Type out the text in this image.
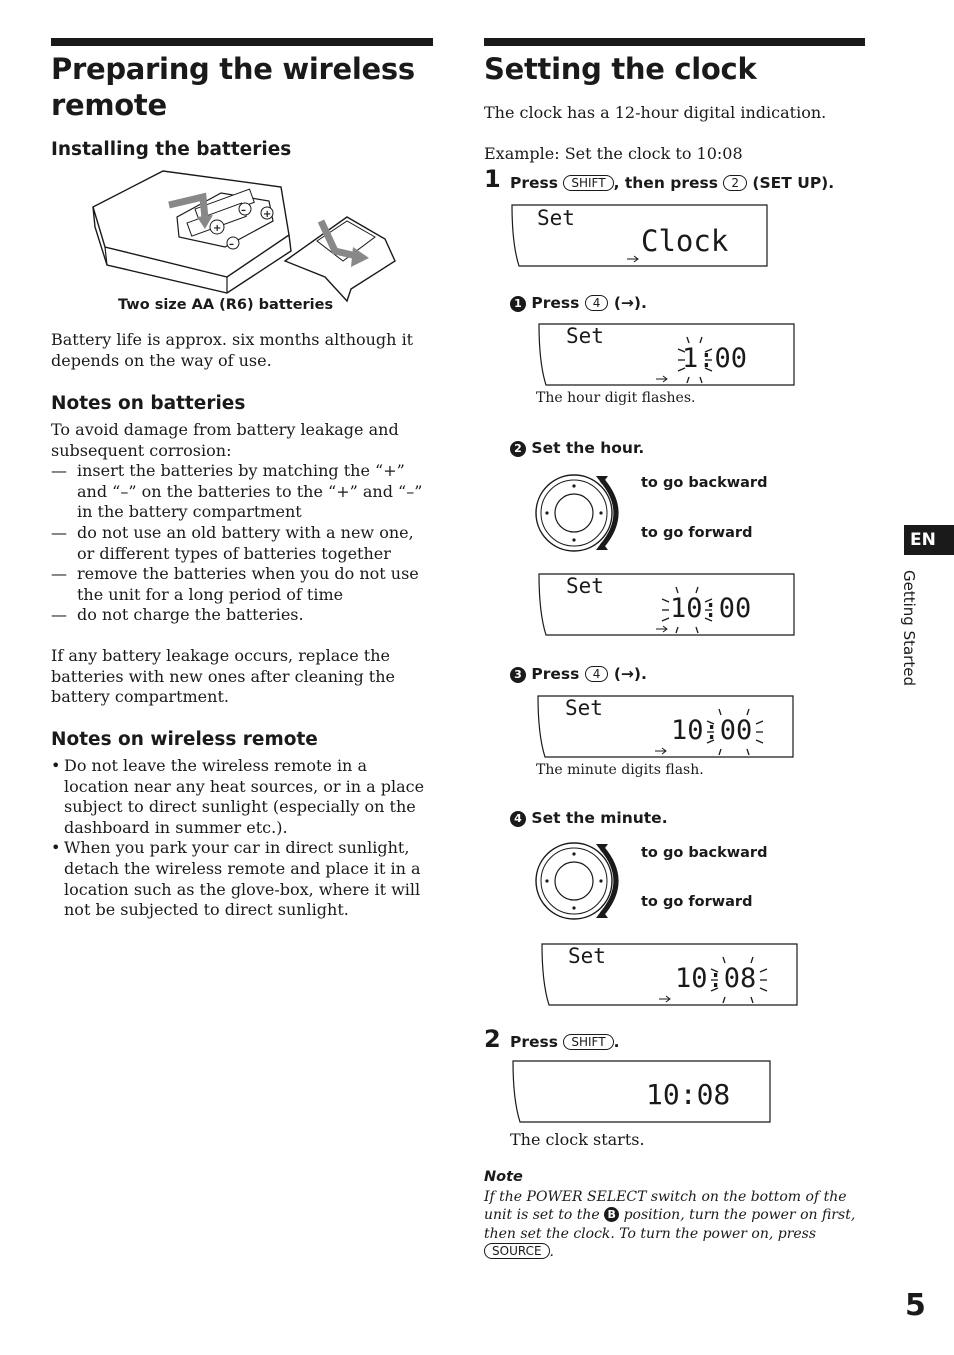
Preparing the wireless remote
Installing the batteries
+
– +
–
Two size AA (R6) batteries
Battery life is approx. six months although it depends on the way of use.
Notes on batteries
To avoid damage from battery leakage and subsequent corrosion:
— insert the batteries by matching the “+” and “–” on the batteries to the “+” and “–” in the battery compartment
— do not use an old battery with a new one, or different types of batteries together
— remove the batteries when you do not use the unit for a long period of time
— do not charge the batteries.
If any battery leakage occurs, replace the batteries with new ones after cleaning the battery compartment.
Notes on wireless remote
• Do not leave the wireless remote in a location near any heat sources, or in a place subject to direct sunlight (especially on the dashboard in summer etc.).
• When you park your car in direct sunlight, detach the wireless remote and place it in a location such as the glove-box, where it will not be subjected to direct sunlight.
Setting the clock
The clock has a 12-hour digital indication.
Example: Set the clock to 10:08
1 Press SHIFT , then press 2 (SET UP).
Set
Clock
1 Press 4 (→).
Set
1:00
The hour digit flashes.
2 Set the hour.
to go backward
to go forward
Set
10:00
3 Press 4 (→).
Set
10:00
The minute digits flash.
4 Set the minute.
to go backward
to go forward
Set
10:08
2 Press SHIFT .
10:08
The clock starts.
Note
If the POWER SELECT switch on the bottom of the unit is set to the B position, turn the power on first, then set the clock. To turn the power on, press SOURCE .
EN
Getting Started
5
